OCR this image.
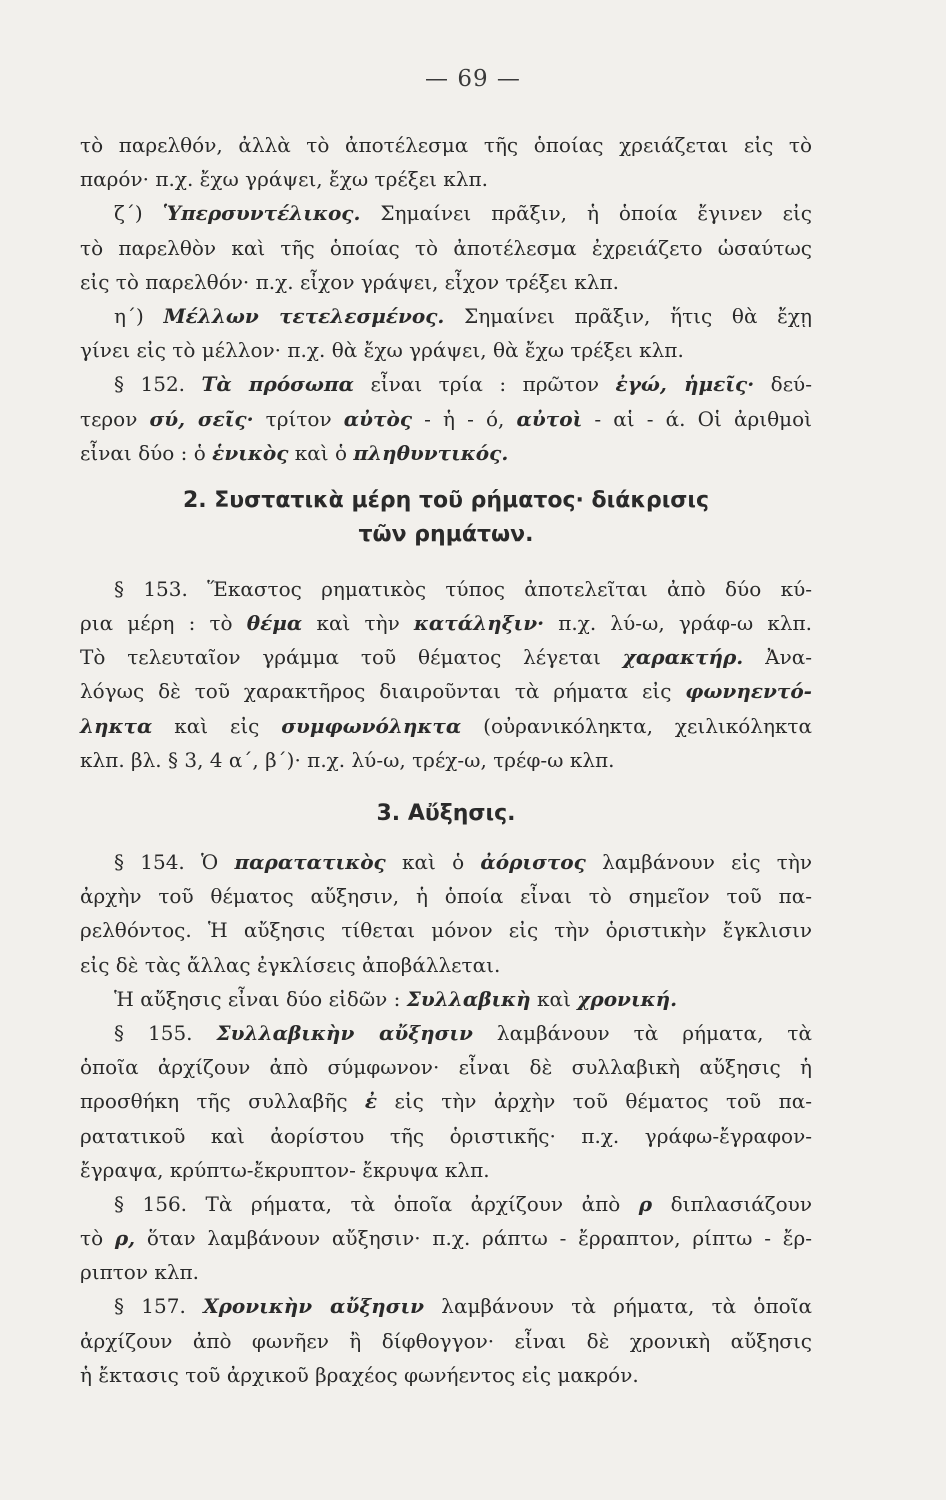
— 69 —
τὸ παρελθόν, ἀλλὰ τὸ ἀποτέλεσμα τῆς ὁποίας χρειάζεται εἰς τὸ
παρόν· π.χ. ἔχω γράψει, ἔχω τρέξει κλπ.
ζ΄) Ὑπερσυντέλικος. Σημαίνει πρᾶξιν, ἡ ὁποία ἔγινεν εἰς
τὸ παρελθὸν καὶ τῆς ὁποίας τὸ ἀποτέλεσμα ἐχρειάζετο ὡσαύτως
εἰς τὸ παρελθόν· π.χ. εἶχον γράψει, εἶχον τρέξει κλπ.
η΄) Μέλλων τετελεσμένος. Σημαίνει πρᾶξιν, ἥτις θὰ ἔχῃ
γίνει εἰς τὸ μέλλον· π.χ. θὰ ἔχω γράψει, θὰ ἔχω τρέξει κλπ.
§ 152. Τὰ πρόσωπα εἶναι τρία : πρῶτον ἐγώ, ἡμεῖς· δεύ-
τερον σύ, σεῖς· τρίτον αὐτὸς - ἡ - ό, αὐτοὶ - αἱ - ά. Οἱ ἀριθμοὶ
εἶναι δύο : ὁ ἑνικὸς καὶ ὁ πληθυντικός.
2. Συστατικὰ μέρη τοῦ ρήματος· διάκρισις
τῶν ρημάτων.
§ 153. Ἕκαστος ρηματικὸς τύπος ἀποτελεῖται ἀπὸ δύο κύ-
ρια μέρη : τὸ θέμα καὶ τὴν κατάληξιν· π.χ. λύ-ω, γράφ-ω κλπ.
Τὸ τελευταῖον γράμμα τοῦ θέματος λέγεται χαρακτήρ. Ἀνα-
λόγως δὲ τοῦ χαρακτῆρος διαιροῦνται τὰ ρήματα εἰς φωνηεντό-
ληκτα καὶ εἰς συμφωνόληκτα (οὐρανικόληκτα, χειλικόληκτα
κλπ. βλ. § 3, 4 α΄, β΄)· π.χ. λύ-ω, τρέχ-ω, τρέφ-ω κλπ.
3. Αὔξησις.
§ 154. Ὁ παρατατικὸς καὶ ὁ ἀόριστος λαμβάνουν εἰς τὴν
ἀρχὴν τοῦ θέματος αὔξησιν, ἡ ὁποία εἶναι τὸ σημεῖον τοῦ πα-
ρελθόντος. Ἡ αὔξησις τίθεται μόνον εἰς τὴν ὁριστικὴν ἔγκλισιν
εἰς δὲ τὰς ἄλλας ἐγκλίσεις ἀποβάλλεται.
Ἡ αὔξησις εἶναι δύο εἰδῶν : Συλλαβικὴ καὶ χρονική.
§ 155. Συλλαβικὴν αὔξησιν λαμβάνουν τὰ ρήματα, τὰ
ὁποῖα ἀρχίζουν ἀπὸ σύμφωνον· εἶναι δὲ συλλαβικὴ αὔξησις ἡ
προσθήκη τῆς συλλαβῆς ἐ εἰς τὴν ἀρχὴν τοῦ θέματος τοῦ πα-
ρατατικοῦ καὶ ἀορίστου τῆς ὁριστικῆς· π.χ. γράφω-ἔγραφον-
ἔγραψα, κρύπτω-ἔκρυπτον- ἔκρυψα κλπ.
§ 156. Τὰ ρήματα, τὰ ὁποῖα ἀρχίζουν ἀπὸ ρ διπλασιάζουν
τὸ ρ, ὅταν λαμβάνουν αὔξησιν· π.χ. ράπτω - ἔρραπτον, ρίπτω - ἔρ-
ριπτον κλπ.
§ 157. Χρονικὴν αὔξησιν λαμβάνουν τὰ ρήματα, τὰ ὁποῖα
ἀρχίζουν ἀπὸ φωνῆεν ἢ δίφθογγον· εἶναι δὲ χρονικὴ αὔξησις
ἡ ἔκτασις τοῦ ἀρχικοῦ βραχέος φωνήεντος εἰς μακρόν.
